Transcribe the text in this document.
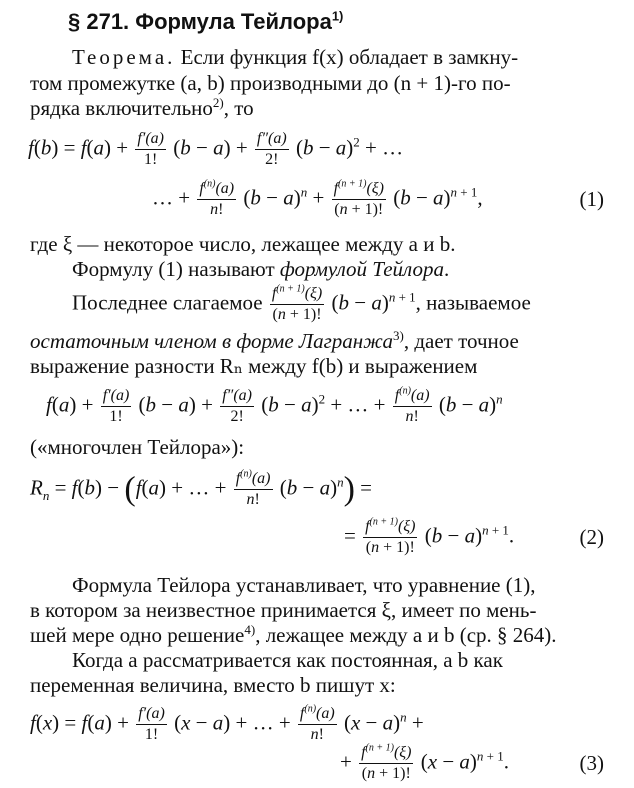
§ 271. Формула Тейлора$^{1)}$
Теорема. Если функция f(x) обладает в замкну-
том промежутке (a, b) производными до (n + 1)-го по-
рядка включительно$^{2)}$, то
$f(b) = f(a) + \frac{f'(a)}{1!} (b - a) + \frac{f''(a)}{2!} (b - a)^2$ + …
… + $\frac{f^{(n)}(a)}{n!} (b - a)^n + \frac{f^{(n + 1)}(\xi)}{(n + 1)!} (b - a)^{n + 1}$,	(1)
где ξ — некоторое число, лежащее между a и b.
Формулу (1) называют формулой Тейлора.
Последнее слагаемое $\frac{f^{(n + 1)}(\xi)}{(n + 1)!} (b - a)^{n + 1}$, называемое
остаточным членом в форме Лагранжа$^{3)}$, дает точное
выражение разности Rₙ между f(b) и выражением
$f(a) + \frac{f'(a)}{1!} (b - a) + \frac{f''(a)}{2!} (b - a)^2$ + … + $\frac{f^{(n)}(a)}{n!} (b - a)^n$
(«многочлен Тейлора»):
$R_n = f(b) - (f(a)$ + … + $\frac{f^{(n)}(a)}{n!} (b - a)^n$) =
= $\frac{f^{(n + 1)}(\xi)}{(n + 1)!} (b - a)^{n + 1}$.	(2)
Формула Тейлора устанавливает, что уравнение (1),
в котором за неизвестное принимается ξ, имеет по мень-
шей мере одно решение$^{4)}$, лежащее между a и b (ср. § 264).
Когда a рассматривается как постоянная, а b как
переменная величина, вместо b пишут x:
$f(x) = f(a) + \frac{f'(a)}{1!} (x - a)$ + … + $\frac{f^{(n)}(a)}{n!} (x - a)^n$ +
+ $\frac{f^{(n + 1)}(\xi)}{(n + 1)!} (x - a)^{n + 1}$.	(3)
